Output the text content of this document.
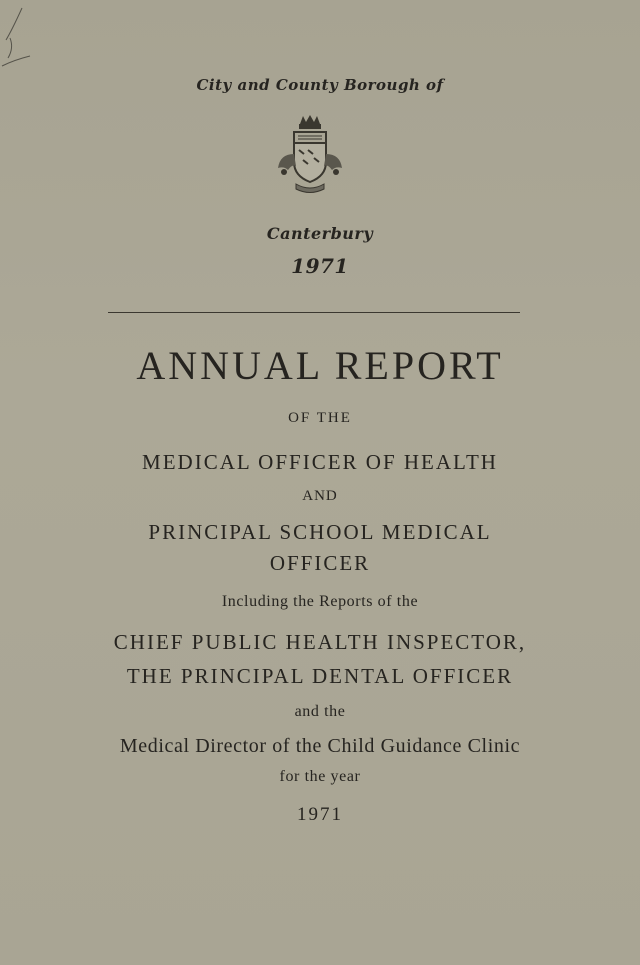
City and County Borough of
Canterbury
1971
ANNUAL REPORT
OF THE
MEDICAL OFFICER OF HEALTH
AND
PRINCIPAL SCHOOL MEDICAL
OFFICER
Including the Reports of the
CHIEF PUBLIC HEALTH INSPECTOR,
THE PRINCIPAL DENTAL OFFICER
and the
Medical Director of the Child Guidance Clinic
for the year
1971
